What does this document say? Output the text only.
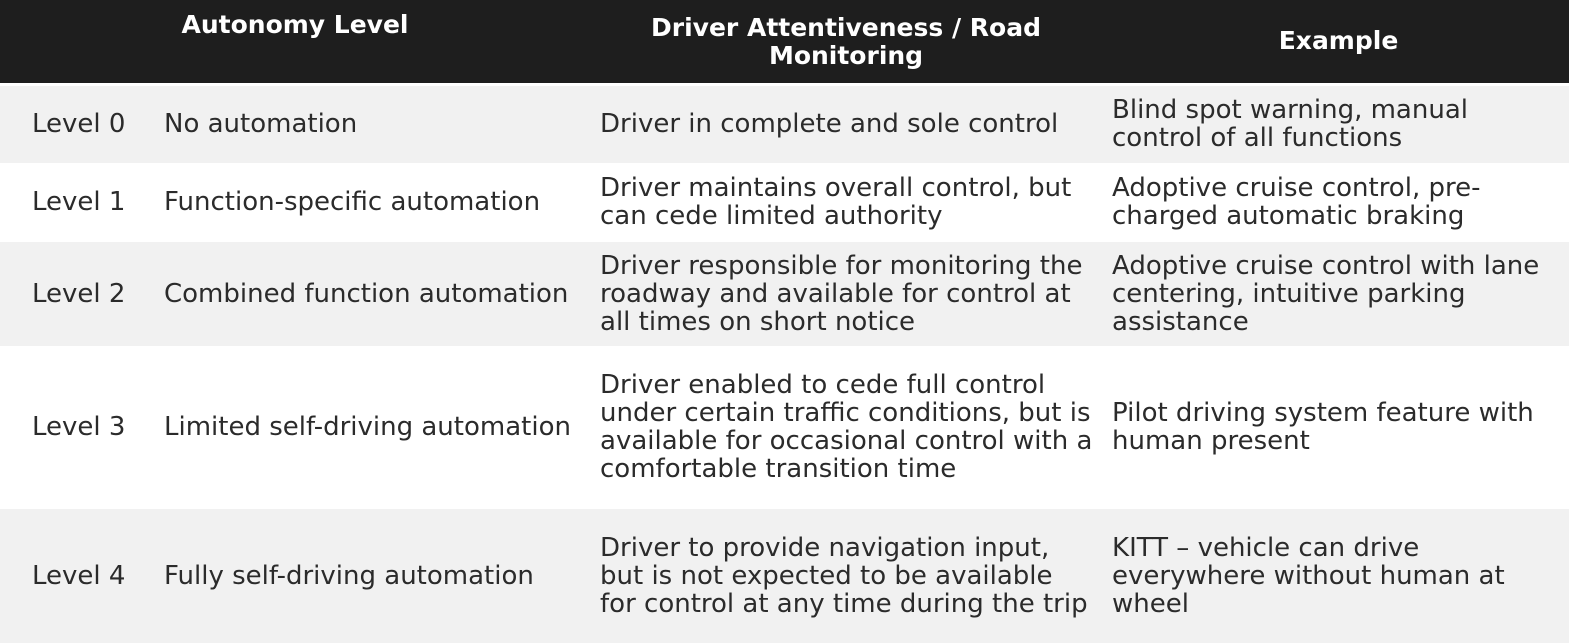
Autonomy Level		Driver Attentiveness / Road Monitoring	Example
Level 0	No automation	Driver in complete and sole control	Blind spot warning, manual control of all functions
Level 1	Function-specific automation	Driver maintains overall control, but can cede limited authority	Adoptive cruise control, pre-charged automatic braking
Level 2	Combined function automation	Driver responsible for monitoring the roadway and available for control at all times on short notice	Adoptive cruise control with lane centering, intuitive parking assistance
Level 3	Limited self-driving automation	Driver enabled to cede full control under certain traffic conditions, but is available for occasional control with a comfortable transition time	Pilot driving system feature with human present
Level 4	Fully self-driving automation	Driver to provide navigation input, but is not expected to be available for control at any time during the trip	KITT – vehicle can drive everywhere without human at wheel
